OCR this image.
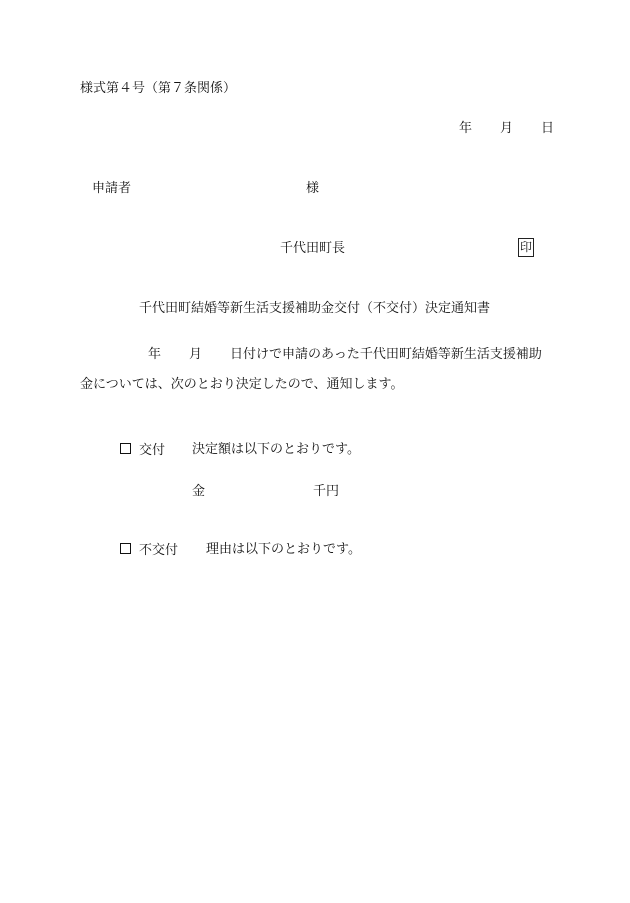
様式第４号（第７条関係）
年 月 日
申請者	様
千代田町長	印
千代田町結婚等新生活支援補助金交付（不交付）決定通知書
年 月 日付けで申請のあった千代田町結婚等新生活支援補助
金については、次のとおり決定したので、通知します。
交付 決定額は以下のとおりです。
金	千円
不交付 理由は以下のとおりです。
